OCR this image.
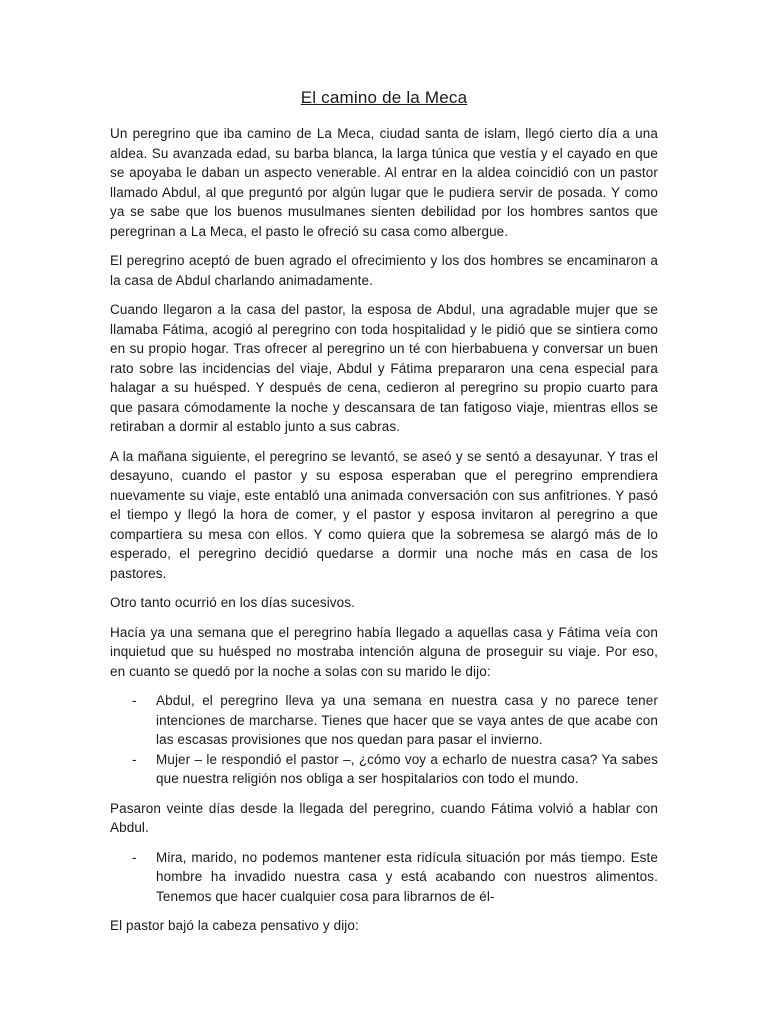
El camino de la Meca

Un peregrino que iba camino de La Meca, ciudad santa de islam, llegó cierto día a una aldea. Su avanzada edad, su barba blanca, la larga túnica que vestía y el cayado en que se apoyaba le daban un aspecto venerable. Al entrar en la aldea coincidió con un pastor llamado Abdul, al que preguntó por algún lugar que le pudiera servir de posada. Y como ya se sabe que los buenos musulmanes sienten debilidad por los hombres santos que peregrinan a La Meca, el pasto le ofreció su casa como albergue.

El peregrino aceptó de buen agrado el ofrecimiento y los dos hombres se encaminaron a la casa de Abdul charlando animadamente.

Cuando llegaron a la casa del pastor, la esposa de Abdul, una agradable mujer que se llamaba Fátima, acogió al peregrino con toda hospitalidad y le pidió que se sintiera como en su propio hogar. Tras ofrecer al peregrino un té con hierbabuena y conversar un buen rato sobre las incidencias del viaje, Abdul y Fátima prepararon una cena especial para halagar a su huésped. Y después de cena, cedieron al peregrino su propio cuarto para que pasara cómodamente la noche y descansara de tan fatigoso viaje, mientras ellos se retiraban a dormir al establo junto a sus cabras.

A la mañana siguiente, el peregrino se levantó, se aseó y se sentó a desayunar. Y tras el desayuno, cuando el pastor y su esposa esperaban que el peregrino emprendiera nuevamente su viaje, este entabló una animada conversación con sus anfitriones. Y pasó el tiempo y llegó la hora de comer, y el pastor y esposa invitaron al peregrino a que compartiera su mesa con ellos. Y como quiera que la sobremesa se alargó más de lo esperado, el peregrino decidió quedarse a dormir una noche más en casa de los pastores.

Otro tanto ocurrió en los días sucesivos.

Hacía ya una semana que el peregrino había llegado a aquellas casa y Fátima veía con inquietud que su huésped no mostraba intención alguna de proseguir su viaje. Por eso, en cuanto se quedó por la noche a solas con su marido le dijo:

- Abdul, el peregrino lleva ya una semana en nuestra casa y no parece tener intenciones de marcharse. Tienes que hacer que se vaya antes de que acabe con las escasas provisiones que nos quedan para pasar el invierno.
- Mujer – le respondió el pastor –, ¿cómo voy a echarlo de nuestra casa? Ya sabes que nuestra religión nos obliga a ser hospitalarios con todo el mundo.

Pasaron veinte días desde la llegada del peregrino, cuando Fátima volvió a hablar con Abdul.

- Mira, marido, no podemos mantener esta ridícula situación por más tiempo. Este hombre ha invadido nuestra casa y está acabando con nuestros alimentos. Tenemos que hacer cualquier cosa para librarnos de él-

El pastor bajó la cabeza pensativo y dijo:
